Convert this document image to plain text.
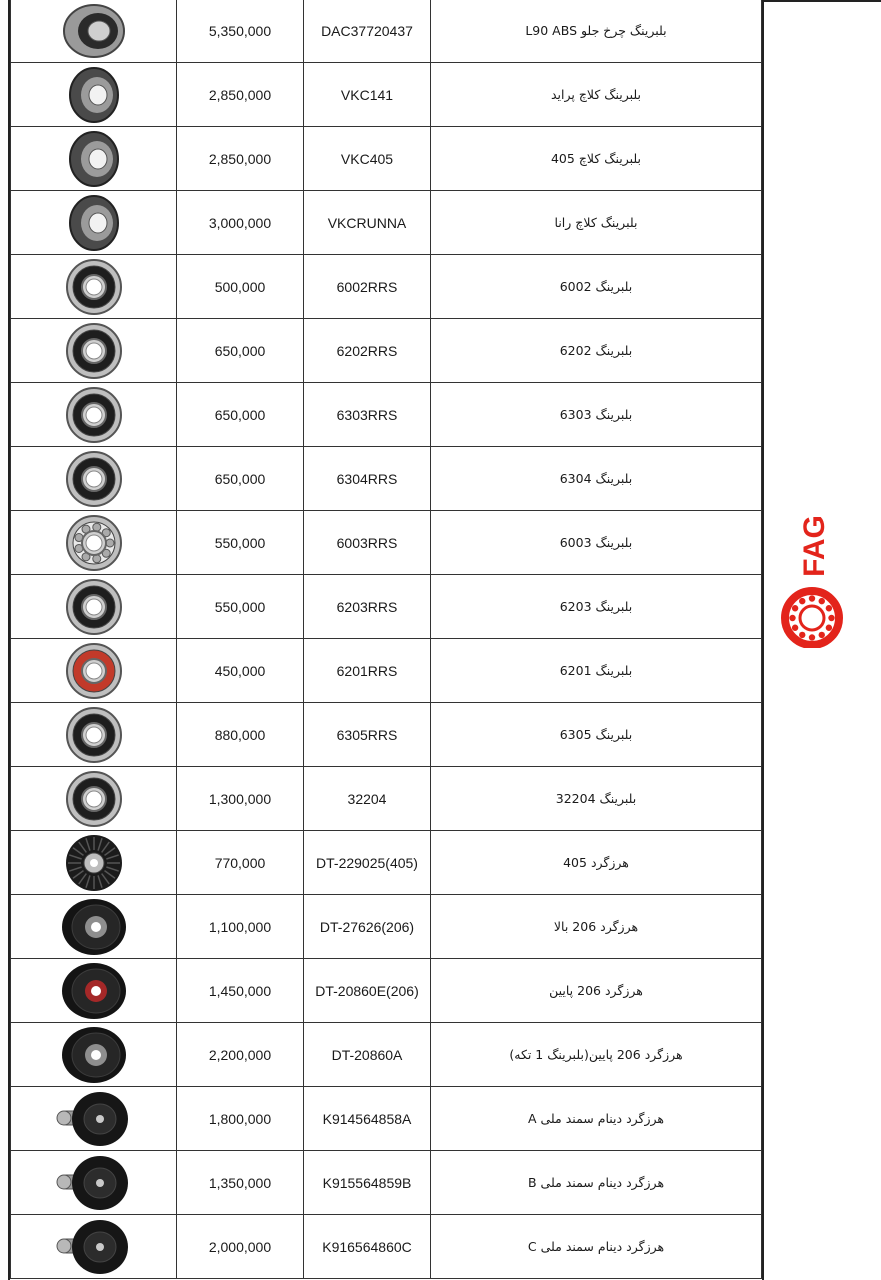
	5,350,000	DAC37720437	بلبرینگ چرخ جلو L90 ABS

	2,850,000	VKC141	بلبرینگ کلاچ پراید

	2,850,000	VKC405	بلبرینگ کلاچ 405

	3,000,000	VKCRUNNA	بلبرینگ کلاچ رانا

	500,000	6002RRS	بلبرینگ 6002

	650,000	6202RRS	بلبرینگ 6202

	650,000	6303RRS	بلبرینگ 6303

	650,000	6304RRS	بلبرینگ 6304

	550,000	6003RRS	بلبرینگ 6003

	550,000	6203RRS	بلبرینگ 6203

	450,000	6201RRS	بلبرینگ 6201

	880,000	6305RRS	بلبرینگ 6305

	1,300,000	32204	بلبرینگ 32204

	770,000	DT-229025(405)	هرزگرد 405

	1,100,000	DT-27626(206)	هرزگرد 206 بالا

	1,450,000	DT-20860E(206)	هرزگرد 206 پایین

	2,200,000	DT-20860A	هرزگرد 206 پایین(بلبرینگ 1 تکه)

	1,800,000	K914564858A	هرزگرد دینام سمند ملی A

	1,350,000	K915564859B	هرزگرد دینام سمند ملی B

	2,000,000	K916564860C	هرزگرد دینام سمند ملی C
FAG
